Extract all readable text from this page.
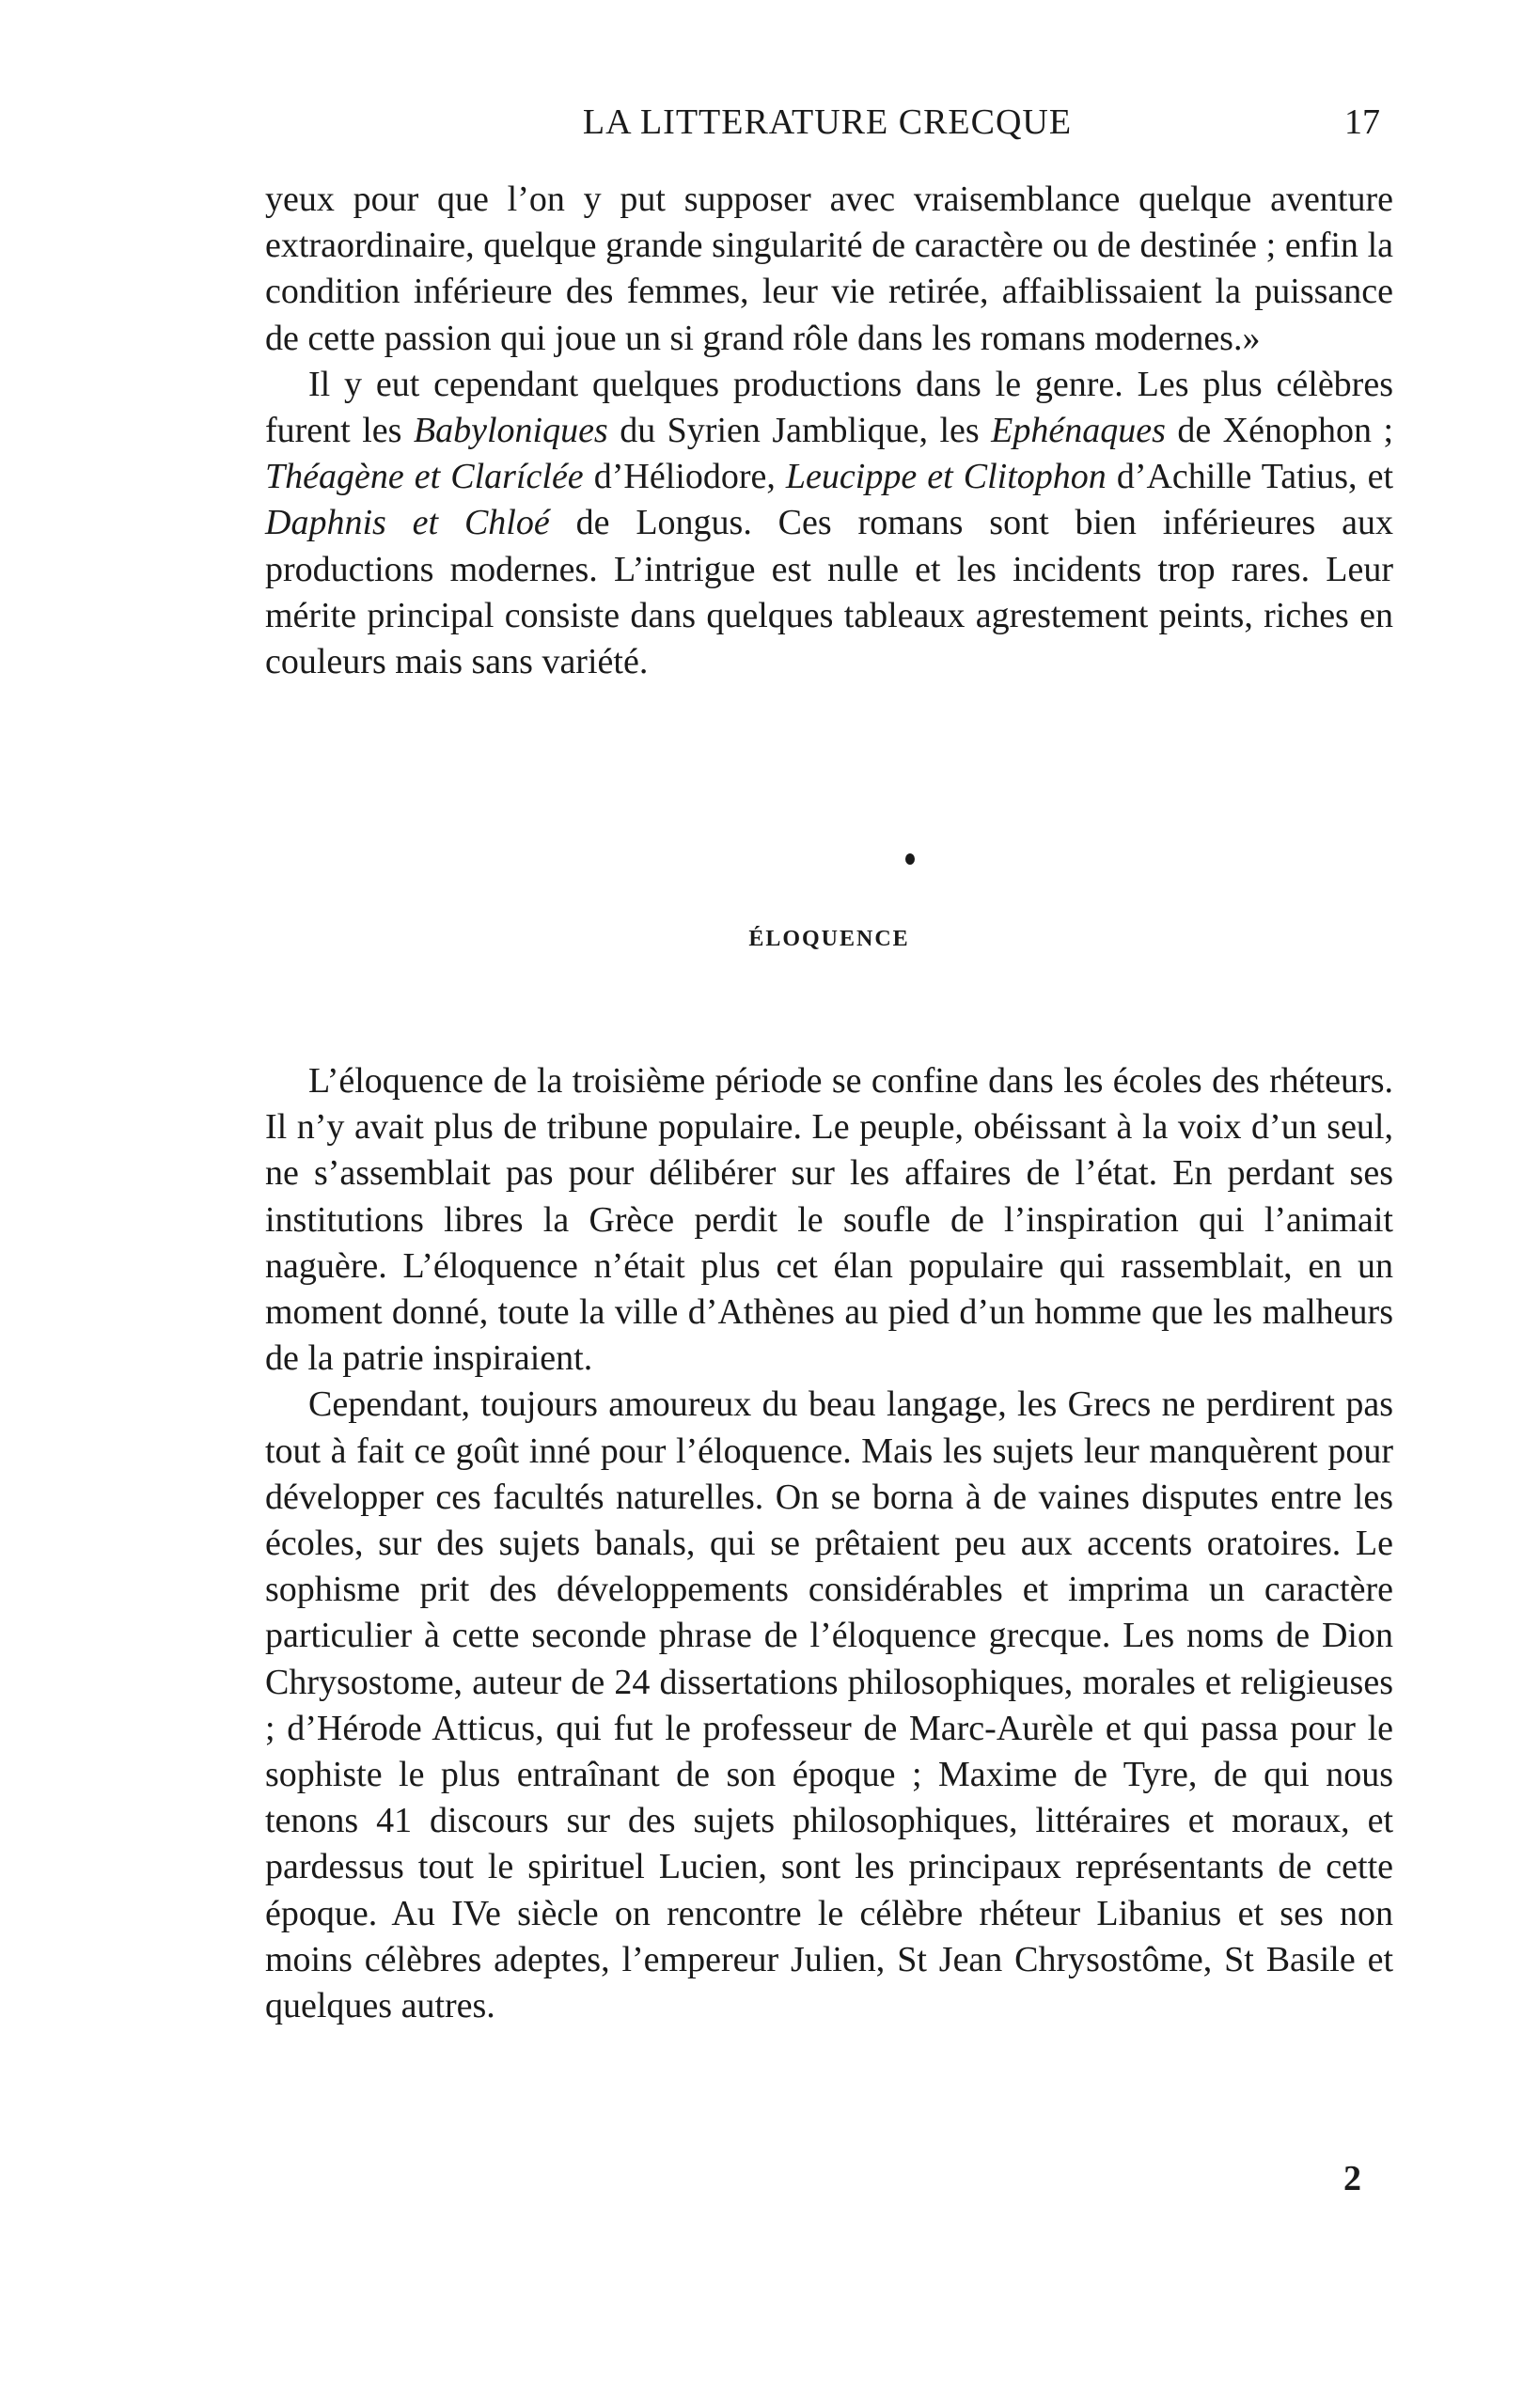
LA LITTERATURE CRECQUE	17

yeux pour que l’on y put supposer avec vraisemblance quelque aventure extraordinaire, quelque grande singularité de caractère ou de destinée ; enfin la condition inférieure des femmes, leur vie retirée, affaiblissaient la puissance de cette passion qui joue un si grand rôle dans les romans modernes.»

Il y eut cependant quelques productions dans le genre. Les plus célèbres furent les Babyloniques du Syrien Jamblique, les Ephénaques de Xénophon ; Théagène et Claríclée d’Héliodore, Leucippe et Clitophon d’Achille Tatius, et Daphnis et Chloé de Longus. Ces romans sont bien inférieures aux productions modernes. L’intrigue est nulle et les incidents trop rares. Leur mérite principal consiste dans quelques tableaux agrestement peints, riches en couleurs mais sans variété.

ÉLOQUENCE

L’éloquence de la troisième période se confine dans les écoles des rhéteurs. Il n’y avait plus de tribune populaire. Le peuple, obéissant à la voix d’un seul, ne s’assemblait pas pour délibérer sur les affaires de l’état. En perdant ses institutions libres la Grèce perdit le soufle de l’inspiration qui l’animait naguère. L’éloquence n’était plus cet élan populaire qui rassemblait, en un moment donné, toute la ville d’Athènes au pied d’un homme que les malheurs de la patrie inspiraient.

Cependant, toujours amoureux du beau langage, les Grecs ne perdirent pas tout à fait ce goût inné pour l’éloquence. Mais les sujets leur manquèrent pour développer ces facultés naturelles. On se borna à de vaines disputes entre les écoles, sur des sujets banals, qui se prêtaient peu aux accents oratoires. Le sophisme prit des développements considérables et imprima un caractère particulier à cette seconde phrase de l’éloquence grecque. Les noms de Dion Chrysostome, auteur de 24 dissertations philosophiques, morales et religieuses ; d’Hérode Atticus, qui fut le professeur de Marc-Aurèle et qui passa pour le sophiste le plus entraînant de son époque ; Maxime de Tyre, de qui nous tenons 41 discours sur des sujets philosophiques, littéraires et moraux, et pardessus tout le spirituel Lucien, sont les principaux représentants de cette époque. Au IVe siècle on rencontre le célèbre rhéteur Libanius et ses non moins célèbres adeptes, l’empereur Julien, St Jean Chrysostôme, St Basile et quelques autres.

2
